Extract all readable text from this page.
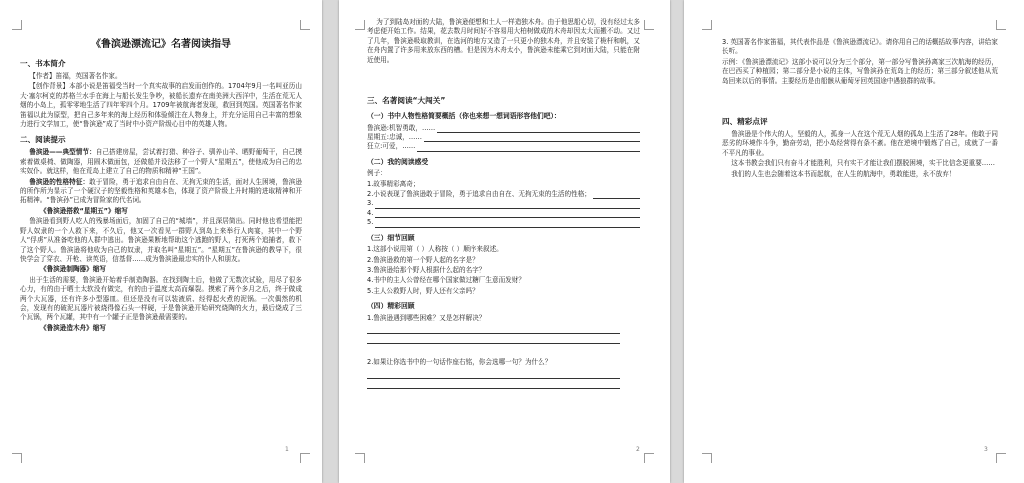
《鲁滨逊漂流记》名著阅读指导
一、书本简介

【作者】笛福，英国著名作家。

【创作背景】本部小说是笛福受当时一个真实故事的启发而创作的。1704年9月一名叫亚历山大·塞尔柯克的苏格兰水手在海上与船长发生争吵，被船长遗弃在南美洲大西洋中，生活在荒无人烟的小岛上，孤零零地生活了四年零四个月。1709年被航海者发现，救回到英国。英国著名作家笛福以此为原型，把自己多年来的海上经历和体验倾注在人物身上，并充分运用自己丰富的想象力进行文学加工，使“鲁滨逊”成了当时中小资产阶级心目中的英雄人物。

二、阅读提示

鲁滨逊——典型情节：自己搭建房屋，尝试着打猎、种谷子、驯养山羊、晒野葡萄干，自己摸索着做桌椅、做陶器，用圆木做面包，还做船并设法移了一个野人“星期五”，使他成为自己的忠实奴仆。就这样，他在荒岛上建立了自己的物质和精神“王国”。

鲁滨逊的性格特征：敢于冒险，勇于追求自由自在、无拘无束的生活，面对人生困境，鲁滨逊的所作所为显示了一个硬汉子的坚毅性格和英雄本色，体现了资产阶级上升时期的进取精神和开拓精神。“鲁滨孙”已成为冒险家的代名词。

《鲁滨逊搭救“星期五”》缩写

鲁滨逊看到野人吃人的残暴场面后，加固了自己的“城墙”，并且深居简出。同时他也希望能把野人奴隶的一个人救下来，不久后，他又一次看见一群野人到岛上来举行人肉宴，其中一个野人“俘虏”从准备吃他的人群中逃出。鲁滨逊果断地帮助这个逃跑的野人，打死两个追捕者，救下了这个野人。鲁滨逊将他收为自己的奴隶，并取名叫“星期五”。“星期五”在鲁滨逊的教导下，很快学会了穿衣、开枪、读英语，信基督……成为鲁滨逊最忠实的仆人和朋友。

《鲁滨逊制陶器》缩写

出于生活的需要，鲁滨逊开始着手制造陶器。在找到陶土后，他做了无数次试验，用尽了很多心力，有的由于晒土太软没有做完，有的由于温度太高而爆裂。摸索了两个多月之后，终于做成两个大瓦器，还有许多小型器皿。但还是没有可以装液质、经得起火煮的泥锅。一次偶然的机会，发现有的破泥瓦器片被烧得像石头一样硬，于是鲁滨逊开始研究烧陶的火力，最后烧成了三个瓦锅，两个瓦罐，其中有一个罐子正是鲁滨逊最需要的。

《鲁滨逊造木舟》缩写

1

为了到陆岛对面的大陆，鲁滨逊便想和土人一样造独木舟。由于他思船心切，没有经过太多考虑便开始工作。结果，花去数月时间好不容易用大柏树做成的木舟却因太大而搬不动。又过了几年，鲁滨逊吸取教训，在选河的地方又造了一只更小的独木舟，并且安装了桅杆和帆，又在舟内置了许多用来放东西的槽。但是因为木舟太小，鲁滨逊未能乘它到对面大陆，只能在附近使用。

三、名著阅读“大闯关”
（一）书中人物性格简要概括（你也来想一想词语形容他们吧）：
鲁滨逊:机智勇敢，……
星期五:忠诚，……
狂立:可爱，……
（二）我的阅读感受

例子：

1.故事精彩离奇；

2.小说表现了鲁滨逊敢于冒险，勇于追求自由自在、无拘无束的生活的性格；
3.
4.
5.
（三）细节回顾

1.这部小说用第（ ）人称按（ ）顺序来叙述。

2.鲁滨逊救的第一个野人起的名字是？

3.鲁滨逊给那个野人根据什么起的名字？

4.书中的主人公曾经在哪个国家做过糖厂生意而发财？

5.主人公救野人时，野人还有父亲吗？

（四）精彩回顾

1.鲁滨逊遇到哪些困难？又是怎样解决？

2.如果让你选书中的一句话作座右铭，你会选哪一句？为什么？

2

3. 英国著名作家笛福，其代表作品是《鲁滨逊漂流记》。请你用自己的话概括故事内容，讲给家长听。

示例：《鲁滨逊漂流记》这部小说可以分为三个部分，第一部分写鲁滨孙离家三次航海的经历，在巴西买了种植园；第二部分是小说的主体，写鲁滨孙在荒岛上的经历；第三部分叙述他从荒岛回来以后的事情。主要经历是由船骸从葡萄牙回英国途中遇狼群的故事。

四、精彩点评

鲁滨逊是个伟大的人，坚毅的人，孤身一人在这个荒无人烟的孤岛上生活了28年。他敢于同恶劣的环境作斗争，勤奋劳动，把小岛经营得有条不紊。他在逆境中锻炼了自己，成就了一番不平凡的事业。

这本书教会我们只有奋斗才能胜利，只有实干才能让我们摆脱困境，实干比信念更重要……

我们的人生也会随着这本书而起航，在人生的航海中，勇敢能进，永不放弃！

3
